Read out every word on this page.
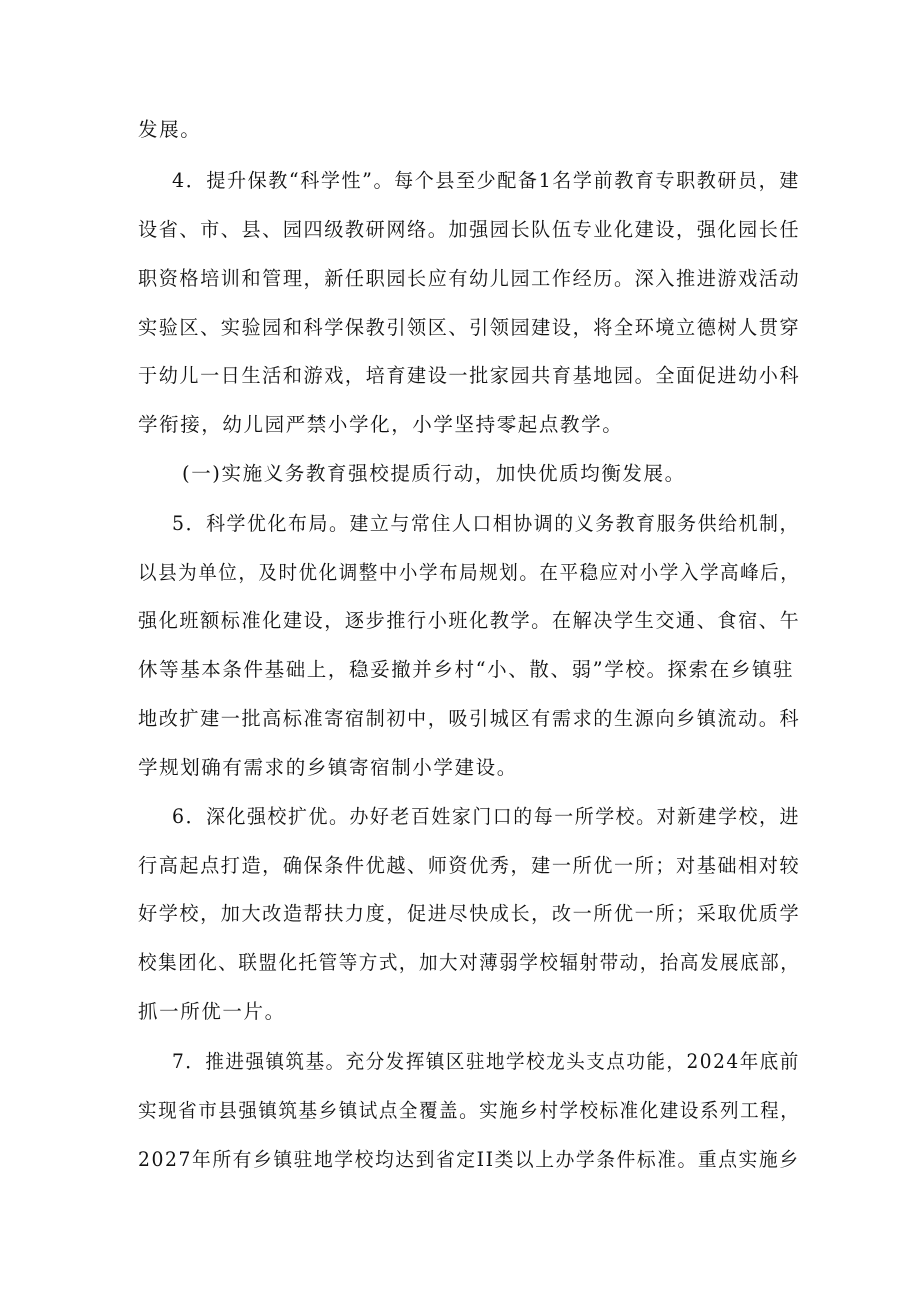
发展。
4．提升保教“科学性”。每个县至少配备1名学前教育专职教研员，建
设省、市、县、园四级教研网络。加强园长队伍专业化建设，强化园长任
职资格培训和管理，新任职园长应有幼儿园工作经历。深入推进游戏活动
实验区、实验园和科学保教引领区、引领园建设，将全环境立德树人贯穿
于幼儿一日生活和游戏，培育建设一批家园共育基地园。全面促进幼小科
学衔接，幼儿园严禁小学化，小学坚持零起点教学。
(一)实施义务教育强校提质行动，加快优质均衡发展。
5．科学优化布局。建立与常住人口相协调的义务教育服务供给机制，
以县为单位，及时优化调整中小学布局规划。在平稳应对小学入学高峰后，
强化班额标准化建设，逐步推行小班化教学。在解决学生交通、食宿、午
休等基本条件基础上，稳妥撤并乡村“小、散、弱”学校。探索在乡镇驻
地改扩建一批高标准寄宿制初中，吸引城区有需求的生源向乡镇流动。科
学规划确有需求的乡镇寄宿制小学建设。
6．深化强校扩优。办好老百姓家门口的每一所学校。对新建学校，进
行高起点打造，确保条件优越、师资优秀，建一所优一所；对基础相对较
好学校，加大改造帮扶力度，促进尽快成长，改一所优一所；采取优质学
校集团化、联盟化托管等方式，加大对薄弱学校辐射带动，抬高发展底部，
抓一所优一片。
7．推进强镇筑基。充分发挥镇区驻地学校龙头支点功能，2024年底前
实现省市县强镇筑基乡镇试点全覆盖。实施乡村学校标准化建设系列工程，
2027年所有乡镇驻地学校均达到省定II类以上办学条件标准。重点实施乡
